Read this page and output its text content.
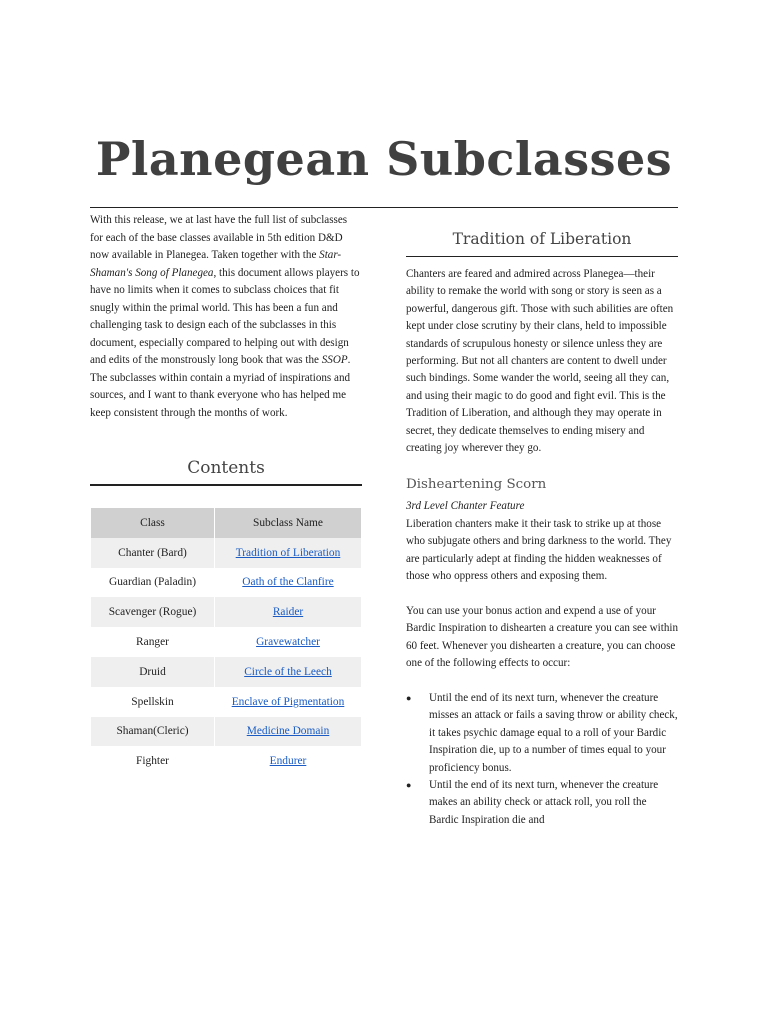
Planegean Subclasses

With this release, we at last have the full list of subclasses for each of the base classes available in 5th edition D&D now available in Planegea. Taken together with the Star-Shaman's Song of Planegea, this document allows players to have no limits when it comes to subclass choices that fit snugly within the primal world. This has been a fun and challenging task to design each of the subclasses in this document, especially compared to helping out with design and edits of the monstrously long book that was the SSOP. The subclasses within contain a myriad of inspirations and sources, and I want to thank everyone who has helped me keep consistent through the months of work.

Contents
Class	Subclass Name
Chanter (Bard)	Tradition of Liberation
Guardian (Paladin)	Oath of the Clanfire
Scavenger (Rogue)	Raider
Ranger	Gravewatcher
Druid	Circle of the Leech
Spellskin	Enclave of Pigmentation
Shaman(Cleric)	Medicine Domain
Fighter	Endurer
Tradition of Liberation

Chanters are feared and admired across Planegea—their ability to remake the world with song or story is seen as a powerful, dangerous gift. Those with such abilities are often kept under close scrutiny by their clans, held to impossible standards of scrupulous honesty or silence unless they are performing. But not all chanters are content to dwell under such bindings. Some wander the world, seeing all they can, and using their magic to do good and fight evil. This is the Tradition of Liberation, and although they may operate in secret, they dedicate themselves to ending misery and creating joy wherever they go.

Disheartening Scorn

3rd Level Chanter Feature

Liberation chanters make it their task to strike up at those who subjugate others and bring darkness to the world. They are particularly adept at finding the hidden weaknesses of those who oppress others and exposing them.

You can use your bonus action and expend a use of your Bardic Inspiration to dishearten a creature you can see within 60 feet. Whenever you dishearten a creature, you can choose one of the following effects to occur:

● Until the end of its next turn, whenever the creature misses an attack or fails a saving throw or ability check, it takes psychic damage equal to a roll of your Bardic Inspiration die, up to a number of times equal to your proficiency bonus.
● Until the end of its next turn, whenever the creature makes an ability check or attack roll, you roll the Bardic Inspiration die and
